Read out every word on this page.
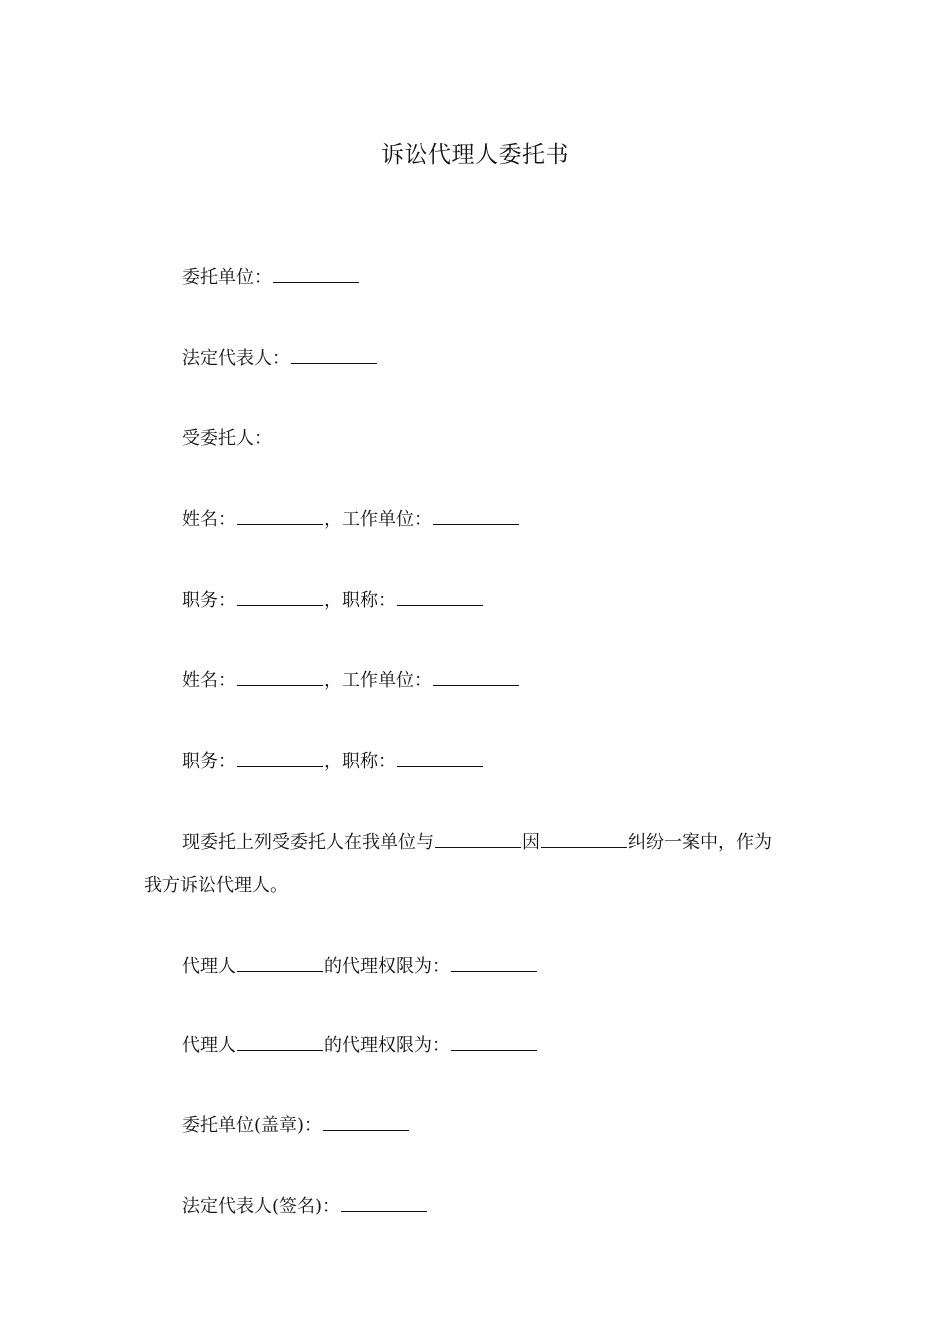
诉讼代理人委托书
委托单位：
法定代表人：
受委托人：
姓名：	，工作单位：
职务：	，职称：
姓名：	，工作单位：
职务：	，职称：
现委托上列受委托人在我单位与	因	纠纷一案中，作为
我方诉讼代理人。
代理人	的代理权限为：
代理人	的代理权限为：
委托单位(盖章)：
法定代表人(签名)：
